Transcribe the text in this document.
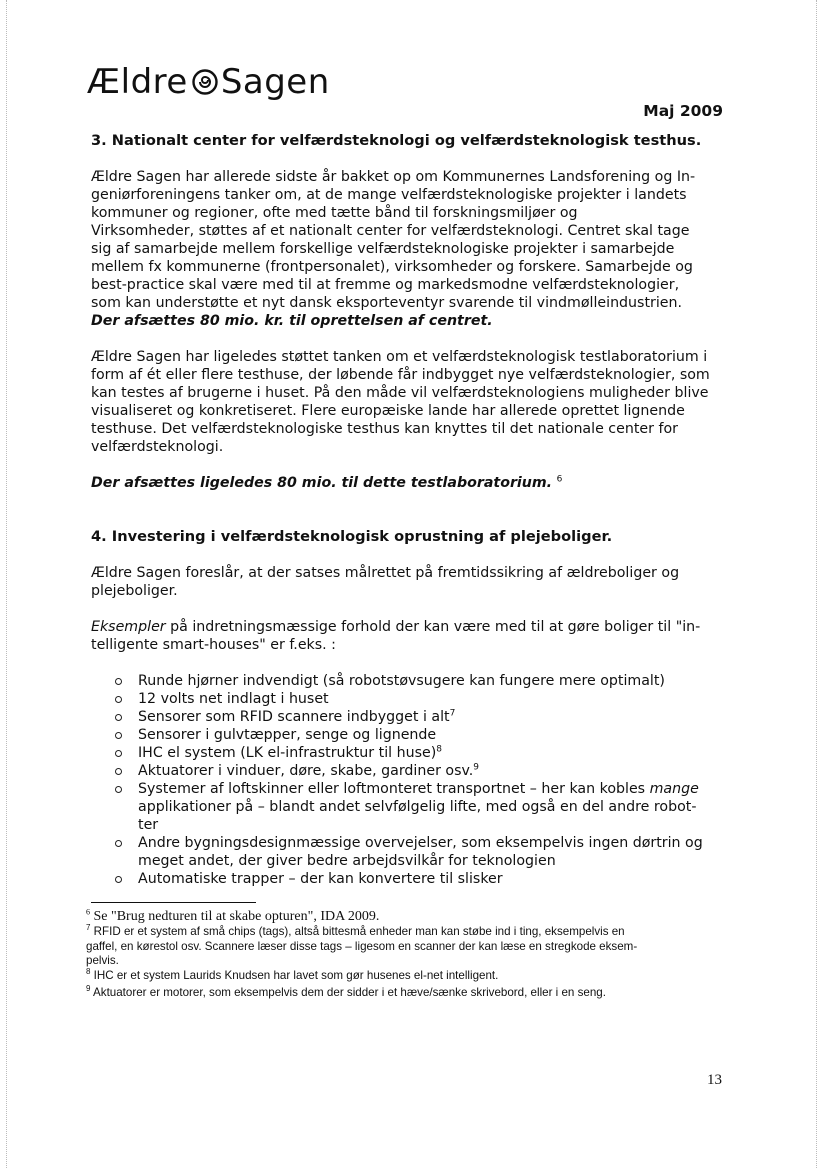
Ældre Sagen
Maj 2009
3. Nationalt center for velfærdsteknologi og velfærdsteknologisk testhus.

Ældre Sagen har allerede sidste år bakket op om Kommunernes Landsforening og In-
geniørforeningens tanker om, at de mange velfærdsteknologiske projekter i landets
kommuner og regioner, ofte med tætte bånd til forskningsmiljøer og
Virksomheder, støttes af et nationalt center for velfærdsteknologi. Centret skal tage
sig af samarbejde mellem forskellige velfærdsteknologiske projekter i samarbejde
mellem fx kommunerne (frontpersonalet), virksomheder og forskere. Samarbejde og
best-practice skal være med til at fremme og markedsmodne velfærdsteknologier,
som kan understøtte et nyt dansk eksporteventyr svarende til vindmølleindustrien.
Der afsættes 80 mio. kr. til oprettelsen af centret.

Ældre Sagen har ligeledes støttet tanken om et velfærdsteknologisk testlaboratorium i
form af ét eller flere testhuse, der løbende får indbygget nye velfærdsteknologier, som
kan testes af brugerne i huset. På den måde vil velfærdsteknologiens muligheder blive
visualiseret og konkretiseret. Flere europæiske lande har allerede oprettet lignende
testhuse. Det velfærdsteknologiske testhus kan knyttes til det nationale center for
velfærdsteknologi.

Der afsættes ligeledes 80 mio. til dette testlaboratorium. $^6$

4. Investering i velfærdsteknologisk oprustning af plejeboliger.

Ældre Sagen foreslår, at der satses målrettet på fremtidssikring af ældreboliger og
plejeboliger.

Eksempler på indretningsmæssige forhold der kan være med til at gøre boliger til "in-
telligente smart-houses" er f.eks. :

Runde hjørner indvendigt (så robotstøvsugere kan fungere mere optimalt)
12 volts net indlagt i huset
Sensorer som RFID scannere indbygget i alt$^7$
Sensorer i gulvtæpper, senge og lignende
IHC el system (LK el-infrastruktur til huse)$^8$
Aktuatorer i vinduer, døre, skabe, gardiner osv.$^9$
Systemer af loftskinner eller loftmonteret transportnet – her kan kobles mange
applikationer på – blandt andet selvfølgelig lifte, med også en del andre robot-
ter
Andre bygningsdesignmæssige overvejelser, som eksempelvis ingen dørtrin og
meget andet, der giver bedre arbejdsvilkår for teknologien
Automatiske trapper – der kan konvertere til slisker

$^6$ Se "Brug nedturen til at skabe opturen", IDA 2009.

$^7$ RFID er et system af små chips (tags), altså bittesmå enheder man kan støbe ind i ting, eksempelvis en
gaffel, en kørestol osv. Scannere læser disse tags – ligesom en scanner der kan læse en stregkode eksem-
pelvis.

$^8$ IHC er et system Laurids Knudsen har lavet som gør husenes el-net intelligent.

$^9$ Aktuatorer er motorer, som eksempelvis dem der sidder i et hæve/sænke skrivebord, eller i en seng.

13
